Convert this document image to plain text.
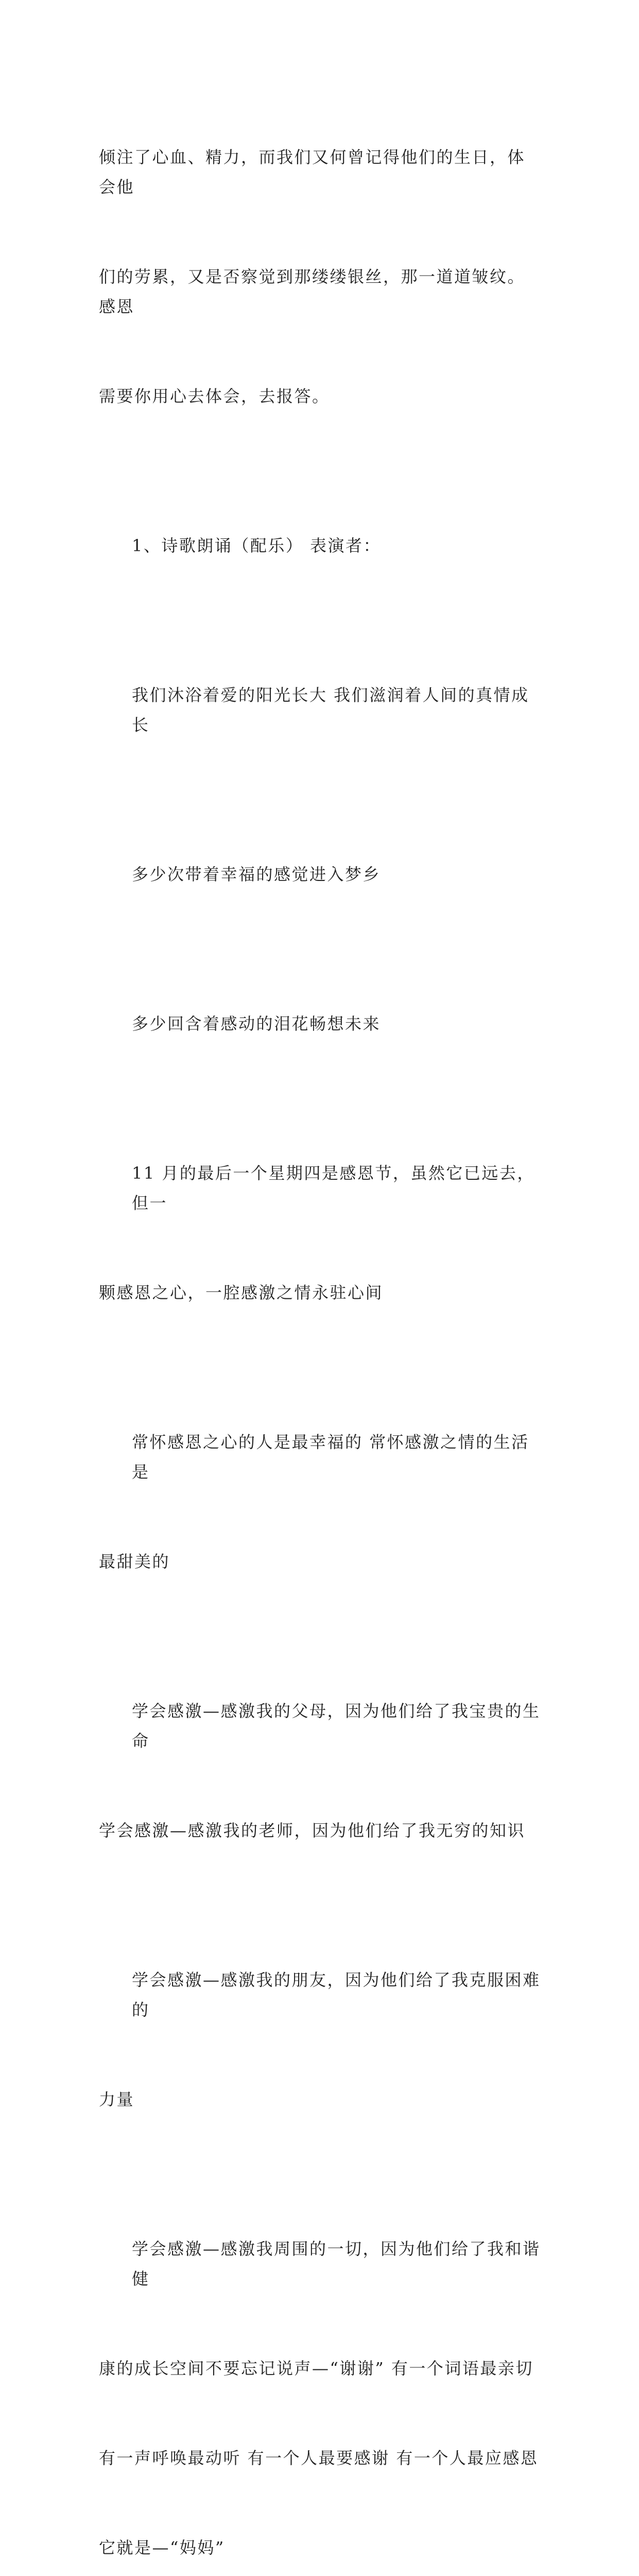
倾注了心血、精力，而我们又何曾记得他们的生日，体会他

们的劳累，又是否察觉到那缕缕银丝，那一道道皱纹。感恩

需要你用心去体会，去报答。

1、诗歌朗诵（配乐） 表演者：

我们沐浴着爱的阳光长大 我们滋润着人间的真情成长

多少次带着幸福的感觉进入梦乡

多少回含着感动的泪花畅想未来

11 月的最后一个星期四是感恩节，虽然它已远去，但一

颗感恩之心，一腔感激之情永驻心间

常怀感恩之心的人是最幸福的 常怀感激之情的生活是

最甜美的

学会感激—感激我的父母，因为他们给了我宝贵的生命

学会感激—感激我的老师，因为他们给了我无穷的知识

学会感激—感激我的朋友，因为他们给了我克服困难的

力量

学会感激—感激我周围的一切，因为他们给了我和谐健

康的成长空间不要忘记说声—“谢谢” 有一个词语最亲切

有一声呼唤最动听 有一个人最要感谢 有一个人最应感恩

它就是—“妈妈”
